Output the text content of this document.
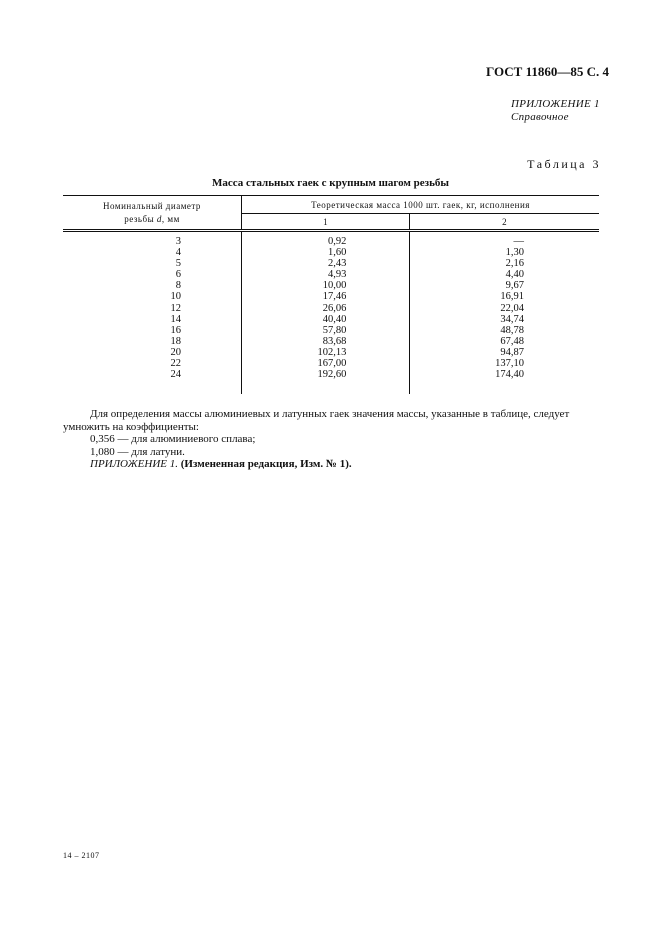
ГОСТ 11860—85 С. 4
ПРИЛОЖЕНИЕ 1
Справочное
Таблица 3
Масса стальных гаек с крупным шагом резьбы
Номинальный диаметр
резьбы d, мм	Теоретическая масса 1000 шт. гаек, кг, исполнения	
	1	2
3	0,92	—
4	1,60	1,30
5	2,43	2,16
6	4,93	4,40
8	10,00	9,67
10	17,46	16,91
12	26,06	22,04
14	40,40	34,74
16	57,80	48,78
18	83,68	67,48
20	102,13	94,87
22	167,00	137,10
24	192,60	174,40

Для определения массы алюминиевых и латунных гаек значения массы, указанные в таблице, следует умножить на коэффициенты:

0,356 — для алюминиевого сплава;

1,080 — для латуни.

ПРИЛОЖЕНИЕ 1. (Измененная редакция, Изм. № 1).

14 – 2107
